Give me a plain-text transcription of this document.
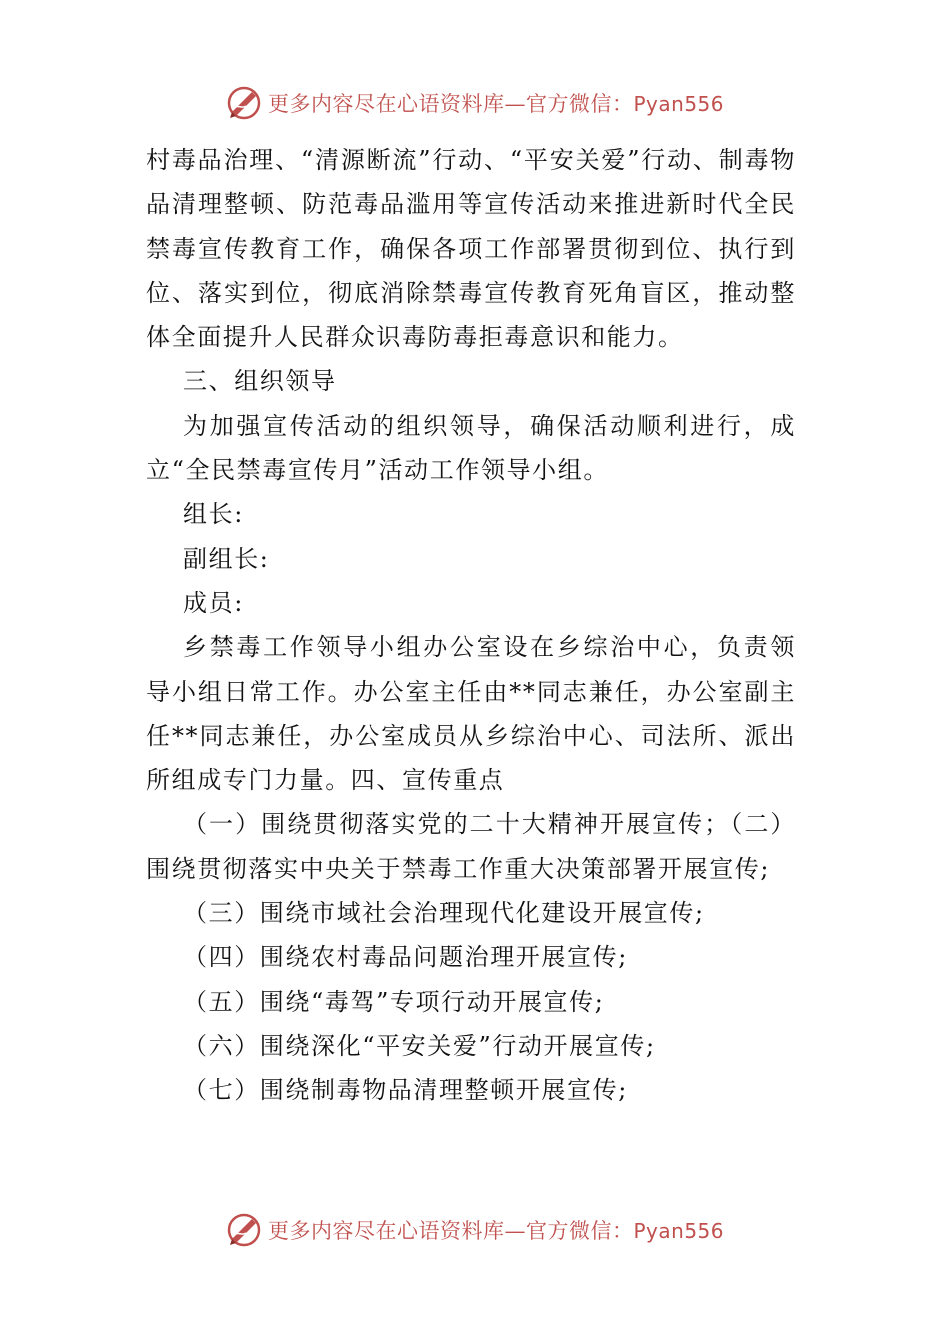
更多内容尽在心语资料库—官方微信：Pyan556

村毒品治理、“清源断流”行动、“平安关爱”行动、制毒物品清理整顿、防范毒品滥用等宣传活动来推进新时代全民禁毒宣传教育工作，确保各项工作部署贯彻到位、执行到位、落实到位，彻底消除禁毒宣传教育死角盲区，推动整体全面提升人民群众识毒防毒拒毒意识和能力。

三、组织领导

为加强宣传活动的组织领导，确保活动顺利进行，成立“全民禁毒宣传月”活动工作领导小组。

组长:

副组长:

成员:

乡禁毒工作领导小组办公室设在乡综治中心，负责领导小组日常工作。办公室主任由**同志兼任，办公室副主任**同志兼任，办公室成员从乡综治中心、司法所、派出所组成专门力量。四、宣传重点

（一）围绕贯彻落实党的二十大精神开展宣传；（二）围绕贯彻落实中央关于禁毒工作重大决策部署开展宣传;

（三）围绕市域社会治理现代化建设开展宣传;

（四）围绕农村毒品问题治理开展宣传;

（五）围绕“毒驾”专项行动开展宣传;

（六）围绕深化“平安关爱”行动开展宣传;

（七）围绕制毒物品清理整顿开展宣传;

更多内容尽在心语资料库—官方微信：Pyan556
